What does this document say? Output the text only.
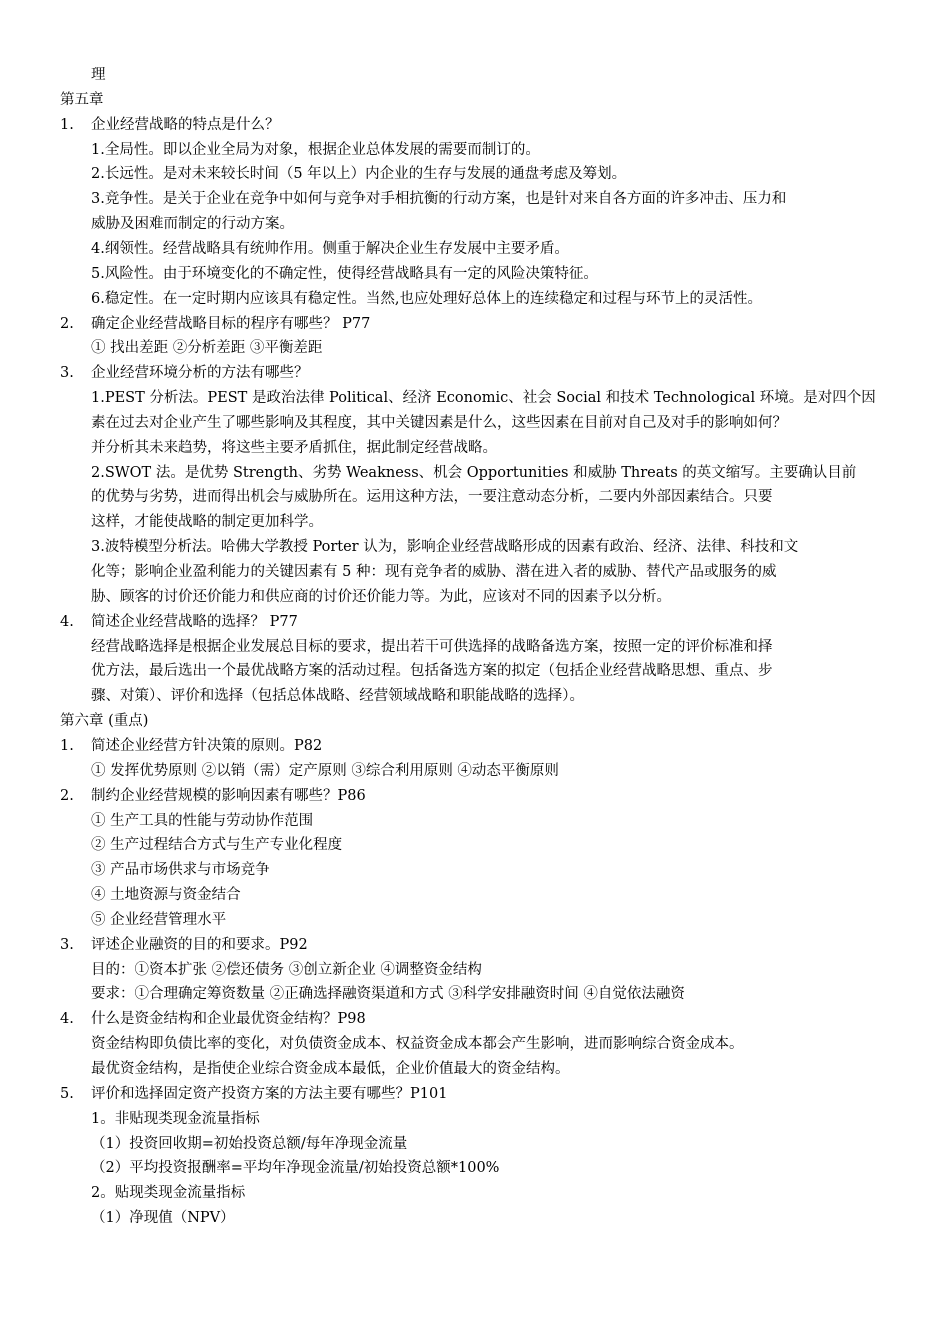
理
第五章
1. 企业经营战略的特点是什么？
1.全局性。即以企业全局为对象，根据企业总体发展的需要而制订的。
2.长远性。是对未来较长时间（5 年以上）内企业的生存与发展的通盘考虑及筹划。
3.竞争性。是关于企业在竞争中如何与竞争对手相抗衡的行动方案，也是针对来自各方面的许多冲击、压力和
威胁及困难而制定的行动方案。
4.纲领性。经营战略具有统帅作用。侧重于解决企业生存发展中主要矛盾。
5.风险性。由于环境变化的不确定性，使得经营战略具有一定的风险决策特征。
6.稳定性。在一定时期内应该具有稳定性。当然,也应处理好总体上的连续稳定和过程与环节上的灵活性。
2. 确定企业经营战略目标的程序有哪些？ P77
① 找出差距 ②分析差距 ③平衡差距
3. 企业经营环境分析的方法有哪些？
1.PEST 分析法。PEST 是政治法律 Political、经济 Economic、社会 Social 和技术 Technological 环境。是对四个因
素在过去对企业产生了哪些影响及其程度，其中关键因素是什么，这些因素在目前对自己及对手的影响如何？
并分析其未来趋势，将这些主要矛盾抓住，据此制定经营战略。
2.SWOT 法。是优势 Strength、劣势 Weakness、机会 Opportunities 和威胁 Threats 的英文缩写。主要确认目前
的优势与劣势，进而得出机会与威胁所在。运用这种方法，一要注意动态分析，二要内外部因素结合。只要
这样，才能使战略的制定更加科学。
3.波特模型分析法。哈佛大学教授 Porter 认为，影响企业经营战略形成的因素有政治、经济、法律、科技和文
化等；影响企业盈利能力的关键因素有 5 种：现有竞争者的威胁、潜在进入者的威胁、替代产品或服务的威
胁、顾客的讨价还价能力和供应商的讨价还价能力等。为此，应该对不同的因素予以分析。
4. 简述企业经营战略的选择？ P77
经营战略选择是根据企业发展总目标的要求，提出若干可供选择的战略备选方案，按照一定的评价标准和择
优方法，最后选出一个最优战略方案的活动过程。包括备选方案的拟定（包括企业经营战略思想、重点、步
骤、对策）、评价和选择（包括总体战略、经营领域战略和职能战略的选择）。
第六章 (重点)
1. 简述企业经营方针决策的原则。P82
① 发挥优势原则 ②以销（需）定产原则 ③综合利用原则 ④动态平衡原则
2. 制约企业经营规模的影响因素有哪些？P86
① 生产工具的性能与劳动协作范围
② 生产过程结合方式与生产专业化程度
③ 产品市场供求与市场竞争
④ 土地资源与资金结合
⑤ 企业经营管理水平
3. 评述企业融资的目的和要求。P92
目的：①资本扩张 ②偿还债务 ③创立新企业 ④调整资金结构
要求：①合理确定筹资数量 ②正确选择融资渠道和方式 ③科学安排融资时间 ④自觉依法融资
4. 什么是资金结构和企业最优资金结构？P98
资金结构即负债比率的变化，对负债资金成本、权益资金成本都会产生影响，进而影响综合资金成本。
最优资金结构，是指使企业综合资金成本最低，企业价值最大的资金结构。
5. 评价和选择固定资产投资方案的方法主要有哪些？P101
1。非贴现类现金流量指标
（1）投资回收期=初始投资总额/每年净现金流量
（2）平均投资报酬率=平均年净现金流量/初始投资总额*100%
2。贴现类现金流量指标
（1）净现值（NPV）
